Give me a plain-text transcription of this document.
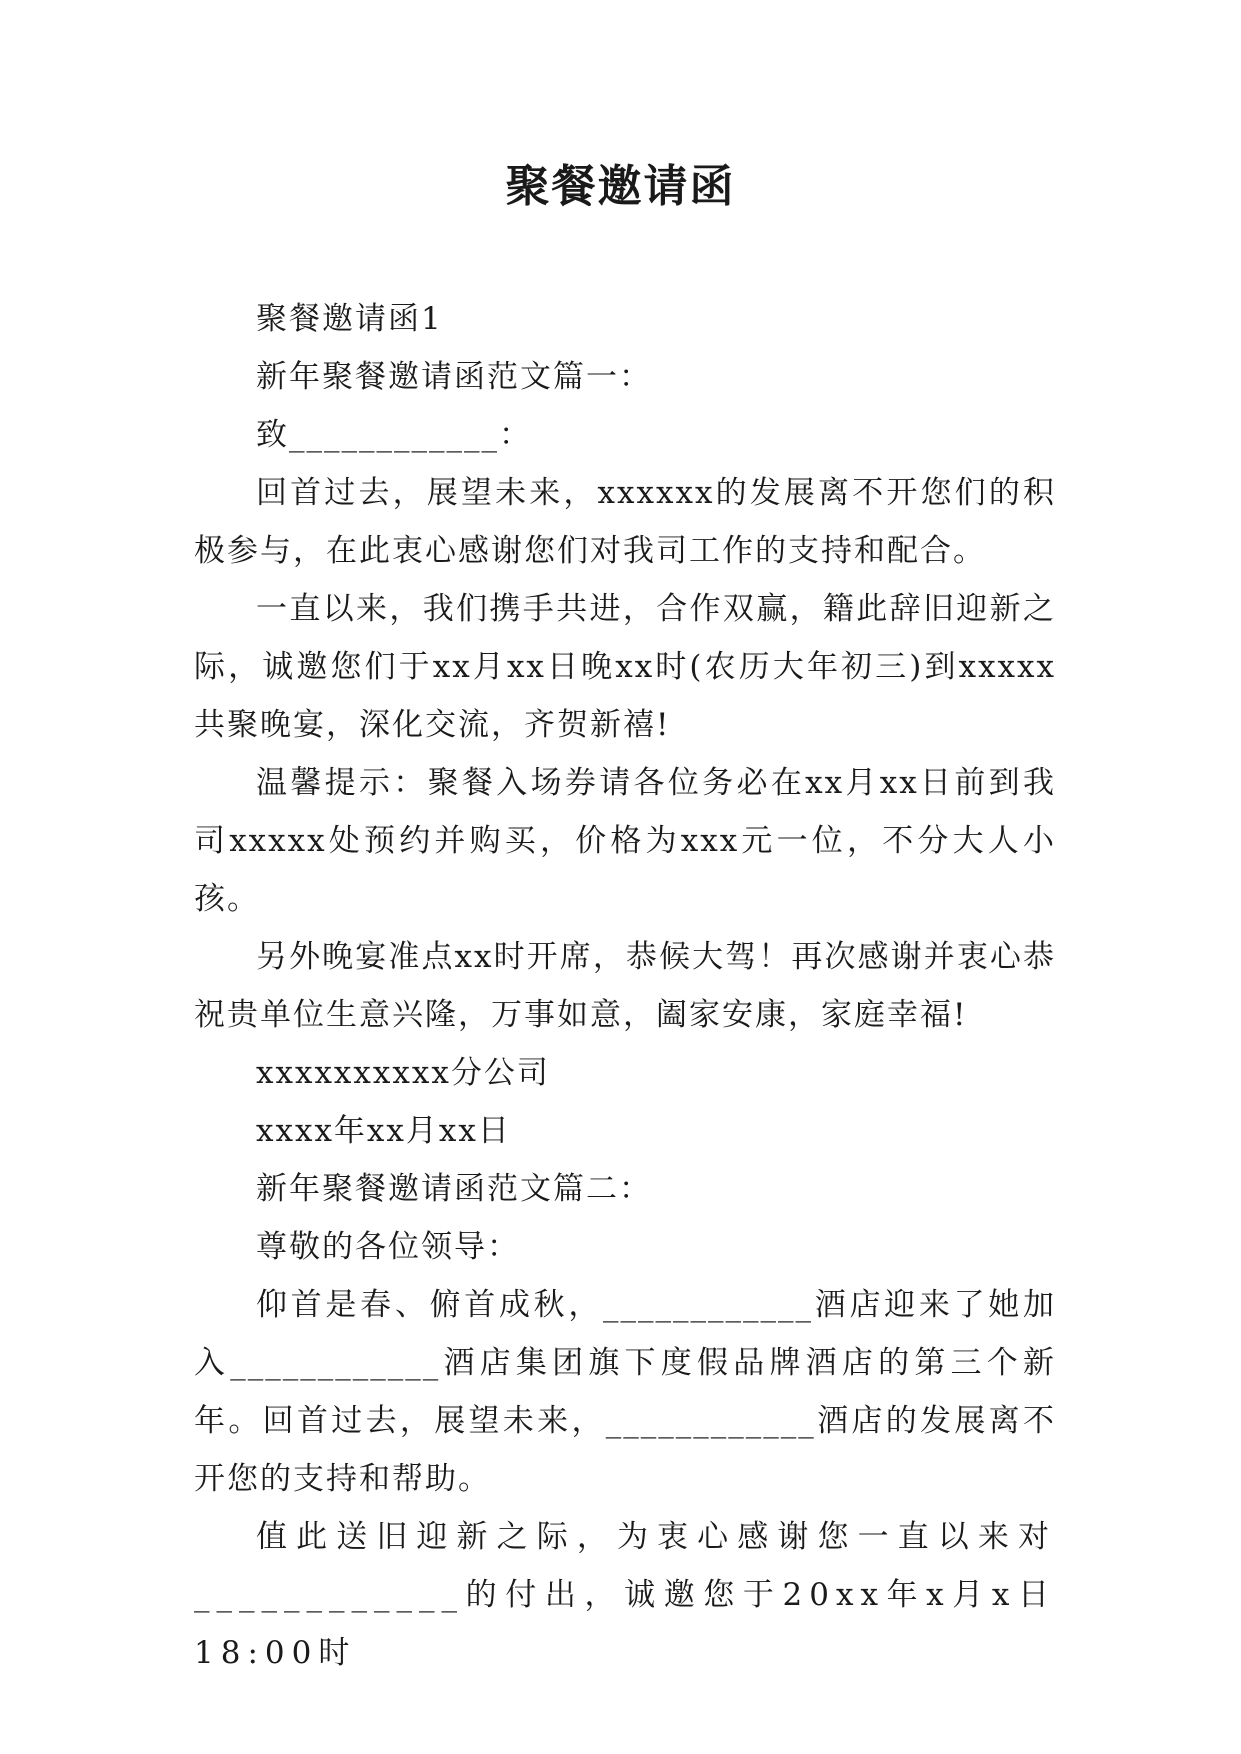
聚餐邀请函

聚餐邀请函1

新年聚餐邀请函范文篇一：

致____________：

回首过去，展望未来，xxxxxx的发展离不开您们的积极参与，在此衷心感谢您们对我司工作的支持和配合。

一直以来，我们携手共进，合作双赢，籍此辞旧迎新之际，诚邀您们于xx月xx日晚xx时(农历大年初三)到xxxxx共聚晚宴，深化交流，齐贺新禧!

温馨提示：聚餐入场券请各位务必在xx月xx日前到我司xxxxx处预约并购买，价格为xxx元一位，不分大人小孩。

另外晚宴准点xx时开席，恭候大驾！再次感谢并衷心恭祝贵单位生意兴隆，万事如意，阖家安康，家庭幸福!

xxxxxxxxxx分公司

xxxx年xx月xx日

新年聚餐邀请函范文篇二：

尊敬的各位领导：

仰首是春、俯首成秋，____________酒店迎来了她加入____________酒店集团旗下度假品牌酒店的第三个新年。回首过去，展望未来，____________酒店的发展离不开您的支持和帮助。

值此送旧迎新之际，为衷心感谢您一直以来对____________的付出，诚邀您于20xx年x月x日18:00时
